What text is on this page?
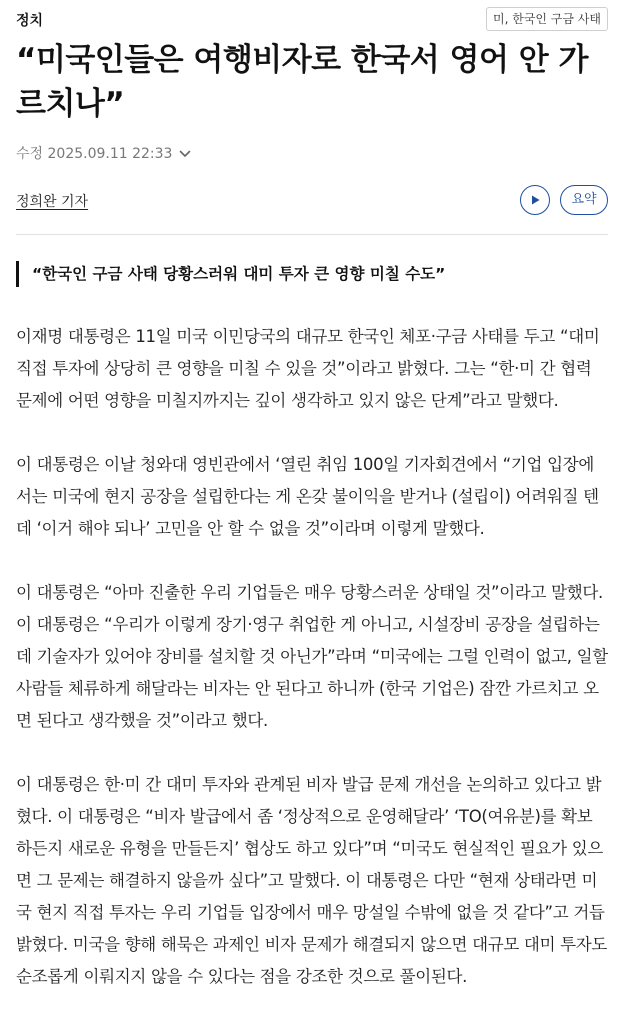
정치	미, 한국인 구금 사태
“미국인들은 여행비자로 한국서 영어 안 가르치나”
수정 2025.09.11 22:33
정희완 기자	요약
“한국인 구금 사태 당황스러워 대미 투자 큰 영향 미칠 수도”

이재명 대통령은 11일 미국 이민당국의 대규모 한국인 체포·구금 사태를 두고 “대미 직접 투자에 상당히 큰 영향을 미칠 수 있을 것”이라고 밝혔다. 그는 “한·미 간 협력 문제에 어떤 영향을 미칠지까지는 깊이 생각하고 있지 않은 단계”라고 말했다.

이 대통령은 이날 청와대 영빈관에서 ‘열린 취임 100일 기자회견에서 “기업 입장에서는 미국에 현지 공장을 설립한다는 게 온갖 불이익을 받거나 (설립이) 어려워질 텐데 ‘이거 해야 되나’ 고민을 안 할 수 없을 것”이라며 이렇게 말했다.

이 대통령은 “아마 진출한 우리 기업들은 매우 당황스러운 상태일 것”이라고 말했다. 이 대통령은 “우리가 이렇게 장기·영구 취업한 게 아니고, 시설장비 공장을 설립하는데 기술자가 있어야 장비를 설치할 것 아닌가”라며 “미국에는 그럴 인력이 없고, 일할 사람들 체류하게 해달라는 비자는 안 된다고 하니까 (한국 기업은) 잠깐 가르치고 오면 된다고 생각했을 것”이라고 했다.

이 대통령은 한·미 간 대미 투자와 관계된 비자 발급 문제 개선을 논의하고 있다고 밝혔다. 이 대통령은 “비자 발급에서 좀 ‘정상적으로 운영해달라’ ‘TO(여유분)를 확보하든지 새로운 유형을 만들든지’ 협상도 하고 있다”며 “미국도 현실적인 필요가 있으면 그 문제는 해결하지 않을까 싶다”고 말했다. 이 대통령은 다만 “현재 상태라면 미국 현지 직접 투자는 우리 기업들 입장에서 매우 망설일 수밖에 없을 것 같다”고 거듭 밝혔다. 미국을 향해 해묵은 과제인 비자 문제가 해결되지 않으면 대규모 대미 투자도 순조롭게 이뤄지지 않을 수 있다는 점을 강조한 것으로 풀이된다.
